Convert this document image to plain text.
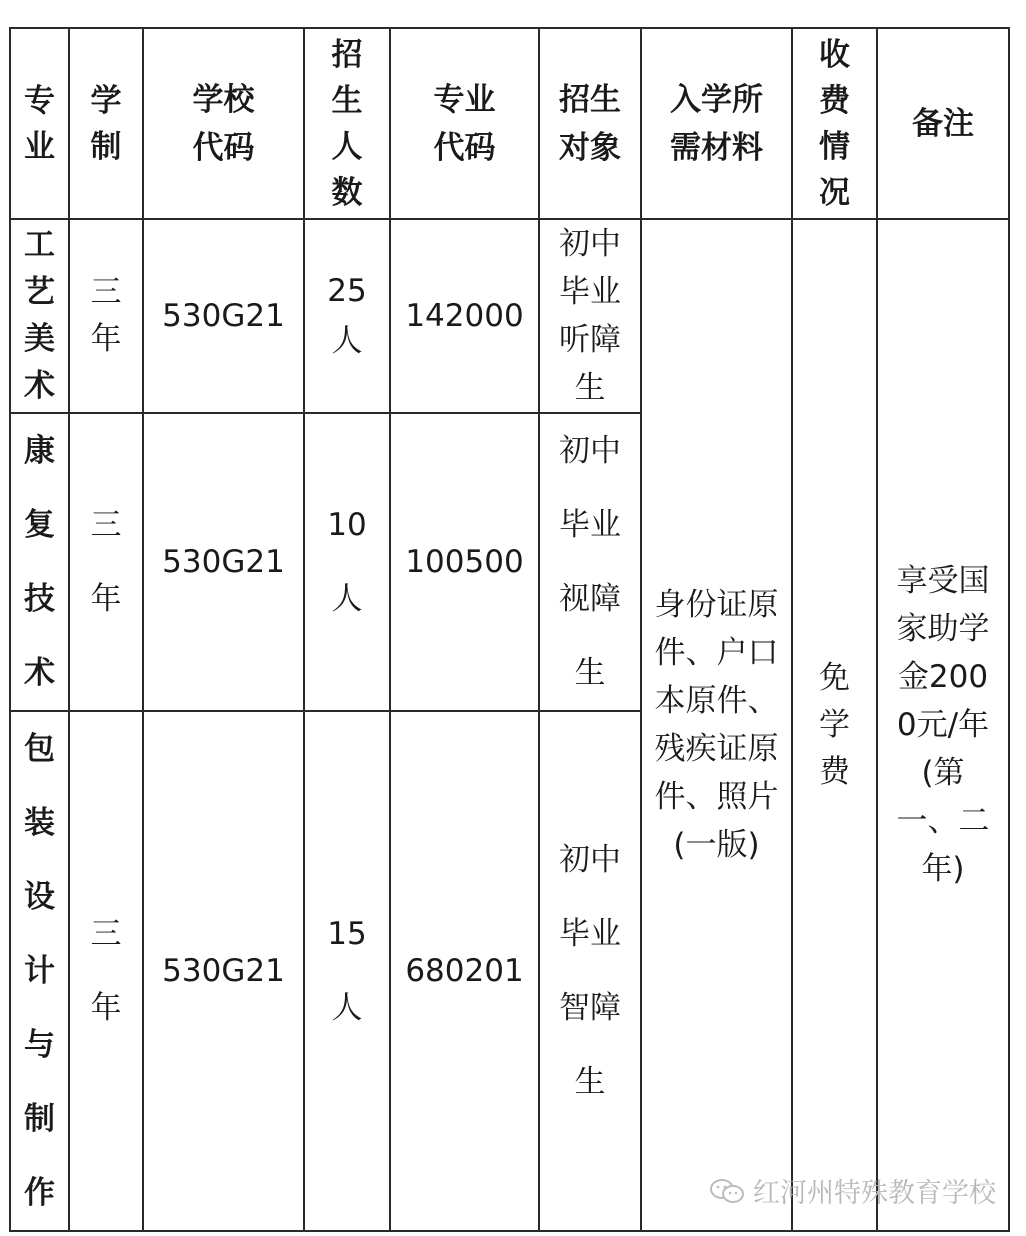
专业	学制	学校代码	招生人数	专业代码	招生对象	入学所需材料	收费情况	备注
工艺美术	三年	530G21	25人	142000	初中毕业听障生	身份证原件、户口本原件、残疾证原件、照片(一版)	免学费	享受国家助学金2000元/年(第一、二年)
康复技术	三年	530G21	10人	100500	初中毕业视障生			
包装设计与制作	三年	530G21	15人	680201	初中毕业智障生			
红河州特殊教育学校
